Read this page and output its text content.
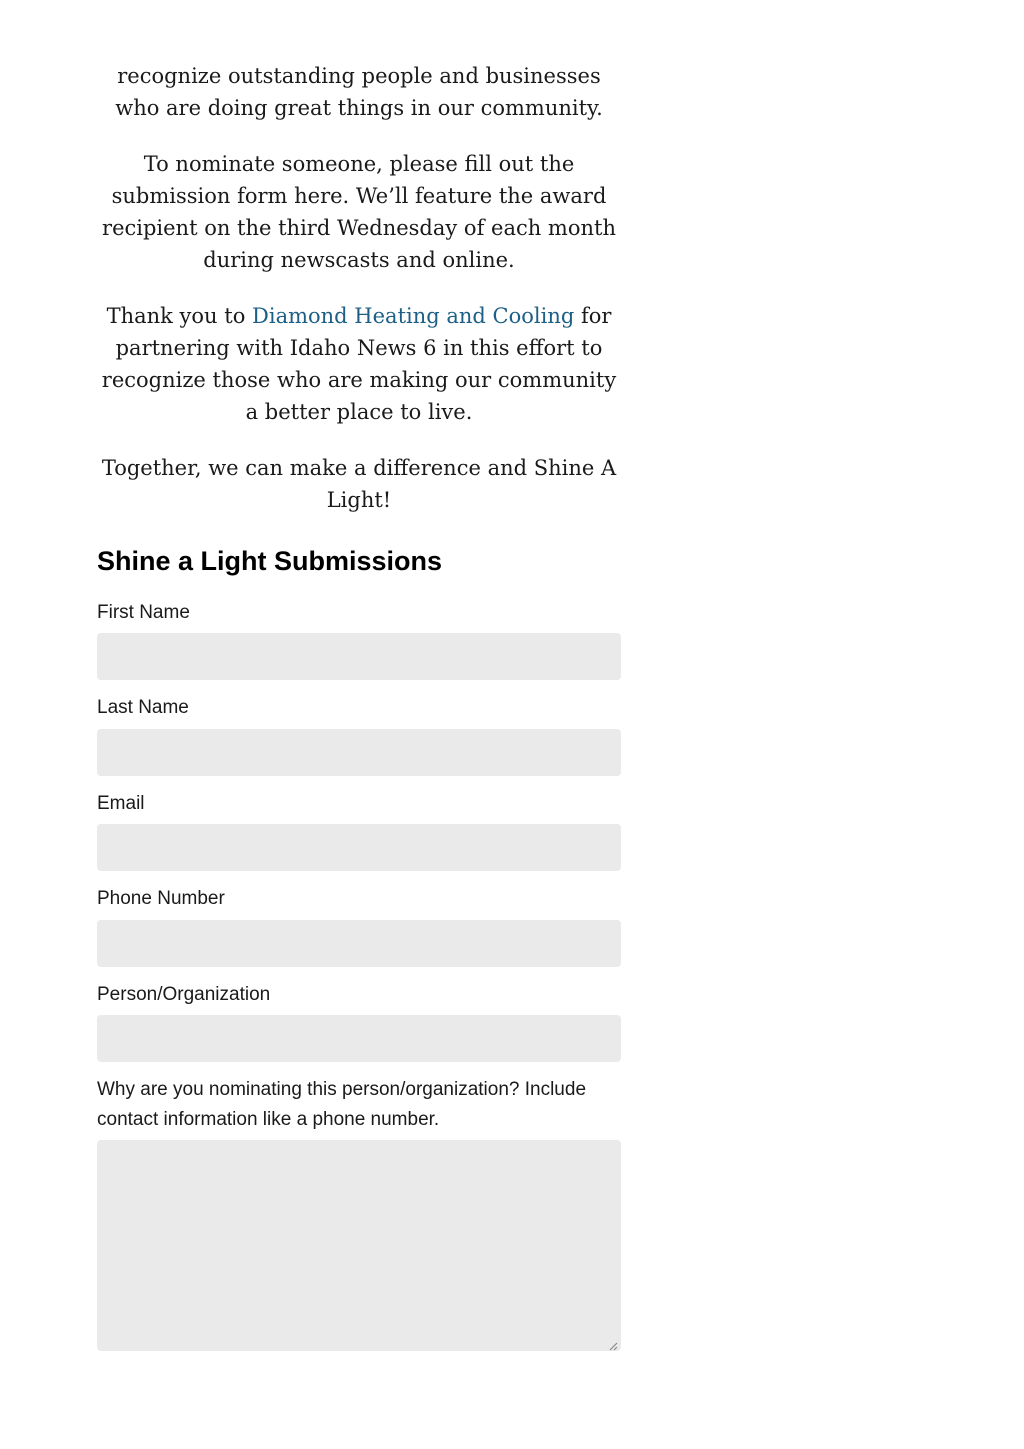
recognize outstanding people and businesses who are doing great things in our community.

To nominate someone, please fill out the submission form here. We’ll feature the award recipient on the third Wednesday of each month during newscasts and online.

Thank you to Diamond Heating and Cooling for partnering with Idaho News 6 in this effort to recognize those who are making our community a better place to live.

Together, we can make a difference and Shine A Light!

Shine a Light Submissions
First Name
Last Name
Email
Phone Number
Person/Organization
Why are you nominating this person/organization? Include contact information like a phone number.
